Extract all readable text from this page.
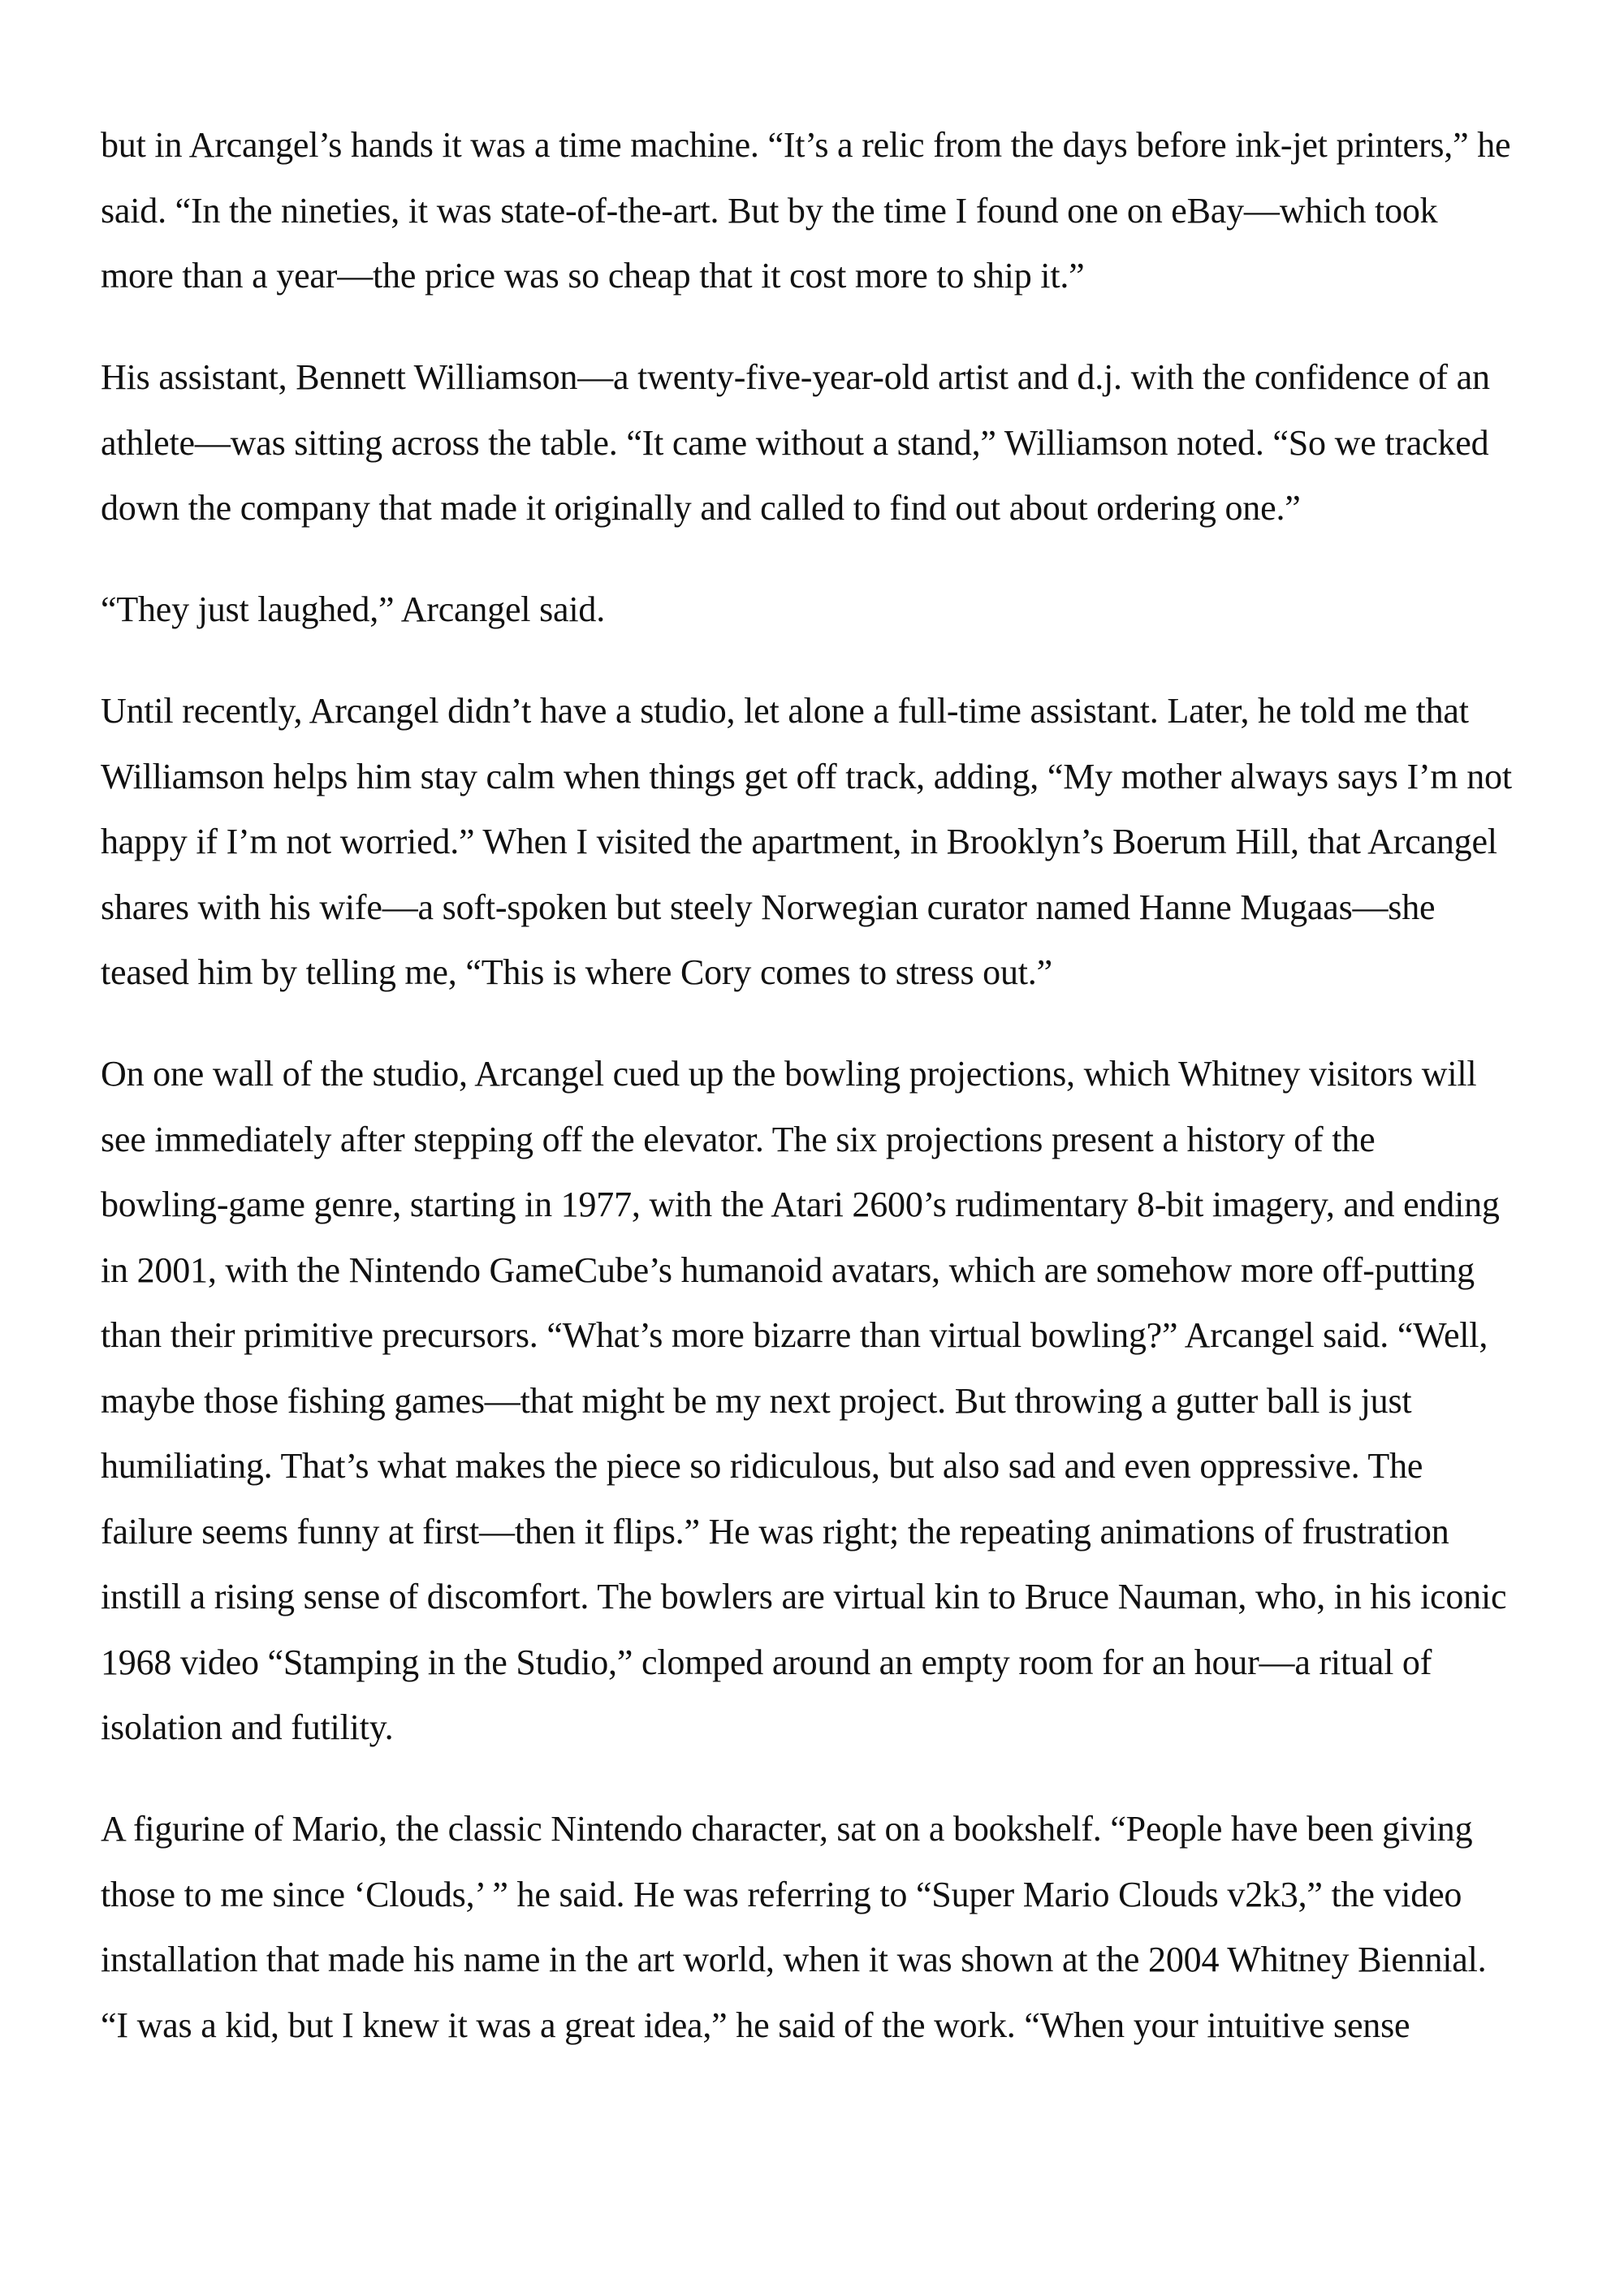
but in Arcangel’s hands it was a time machine. “It’s a relic from the days before ink-jet printers,” he
said. “In the nineties, it was state-of-the-art. But by the time I found one on eBay—which took
more than a year—the price was so cheap that it cost more to ship it.”

His assistant, Bennett Williamson—a twenty-five-year-old artist and d.j. with the confidence of an
athlete—was sitting across the table. “It came without a stand,” Williamson noted. “So we tracked
down the company that made it originally and called to find out about ordering one.”

“They just laughed,” Arcangel said.

Until recently, Arcangel didn’t have a studio, let alone a full-time assistant. Later, he told me that
Williamson helps him stay calm when things get off track, adding, “My mother always says I’m not
happy if I’m not worried.” When I visited the apartment, in Brooklyn’s Boerum Hill, that Arcangel
shares with his wife—a soft-spoken but steely Norwegian curator named Hanne Mugaas—she
teased him by telling me, “This is where Cory comes to stress out.”

On one wall of the studio, Arcangel cued up the bowling projections, which Whitney visitors will
see immediately after stepping off the elevator. The six projections present a history of the
bowling-game genre, starting in 1977, with the Atari 2600’s rudimentary 8-bit imagery, and ending
in 2001, with the Nintendo GameCube’s humanoid avatars, which are somehow more off-putting
than their primitive precursors. “What’s more bizarre than virtual bowling?” Arcangel said. “Well,
maybe those fishing games—that might be my next project. But throwing a gutter ball is just
humiliating. That’s what makes the piece so ridiculous, but also sad and even oppressive. The
failure seems funny at first—then it flips.” He was right; the repeating animations of frustration
instill a rising sense of discomfort. The bowlers are virtual kin to Bruce Nauman, who, in his iconic
1968 video “Stamping in the Studio,” clomped around an empty room for an hour—a ritual of
isolation and futility.

A figurine of Mario, the classic Nintendo character, sat on a bookshelf. “People have been giving
those to me since ‘Clouds,’ ” he said. He was referring to “Super Mario Clouds v2k3,” the video
installation that made his name in the art world, when it was shown at the 2004 Whitney Biennial.
“I was a kid, but I knew it was a great idea,” he said of the work. “When your intuitive sense
